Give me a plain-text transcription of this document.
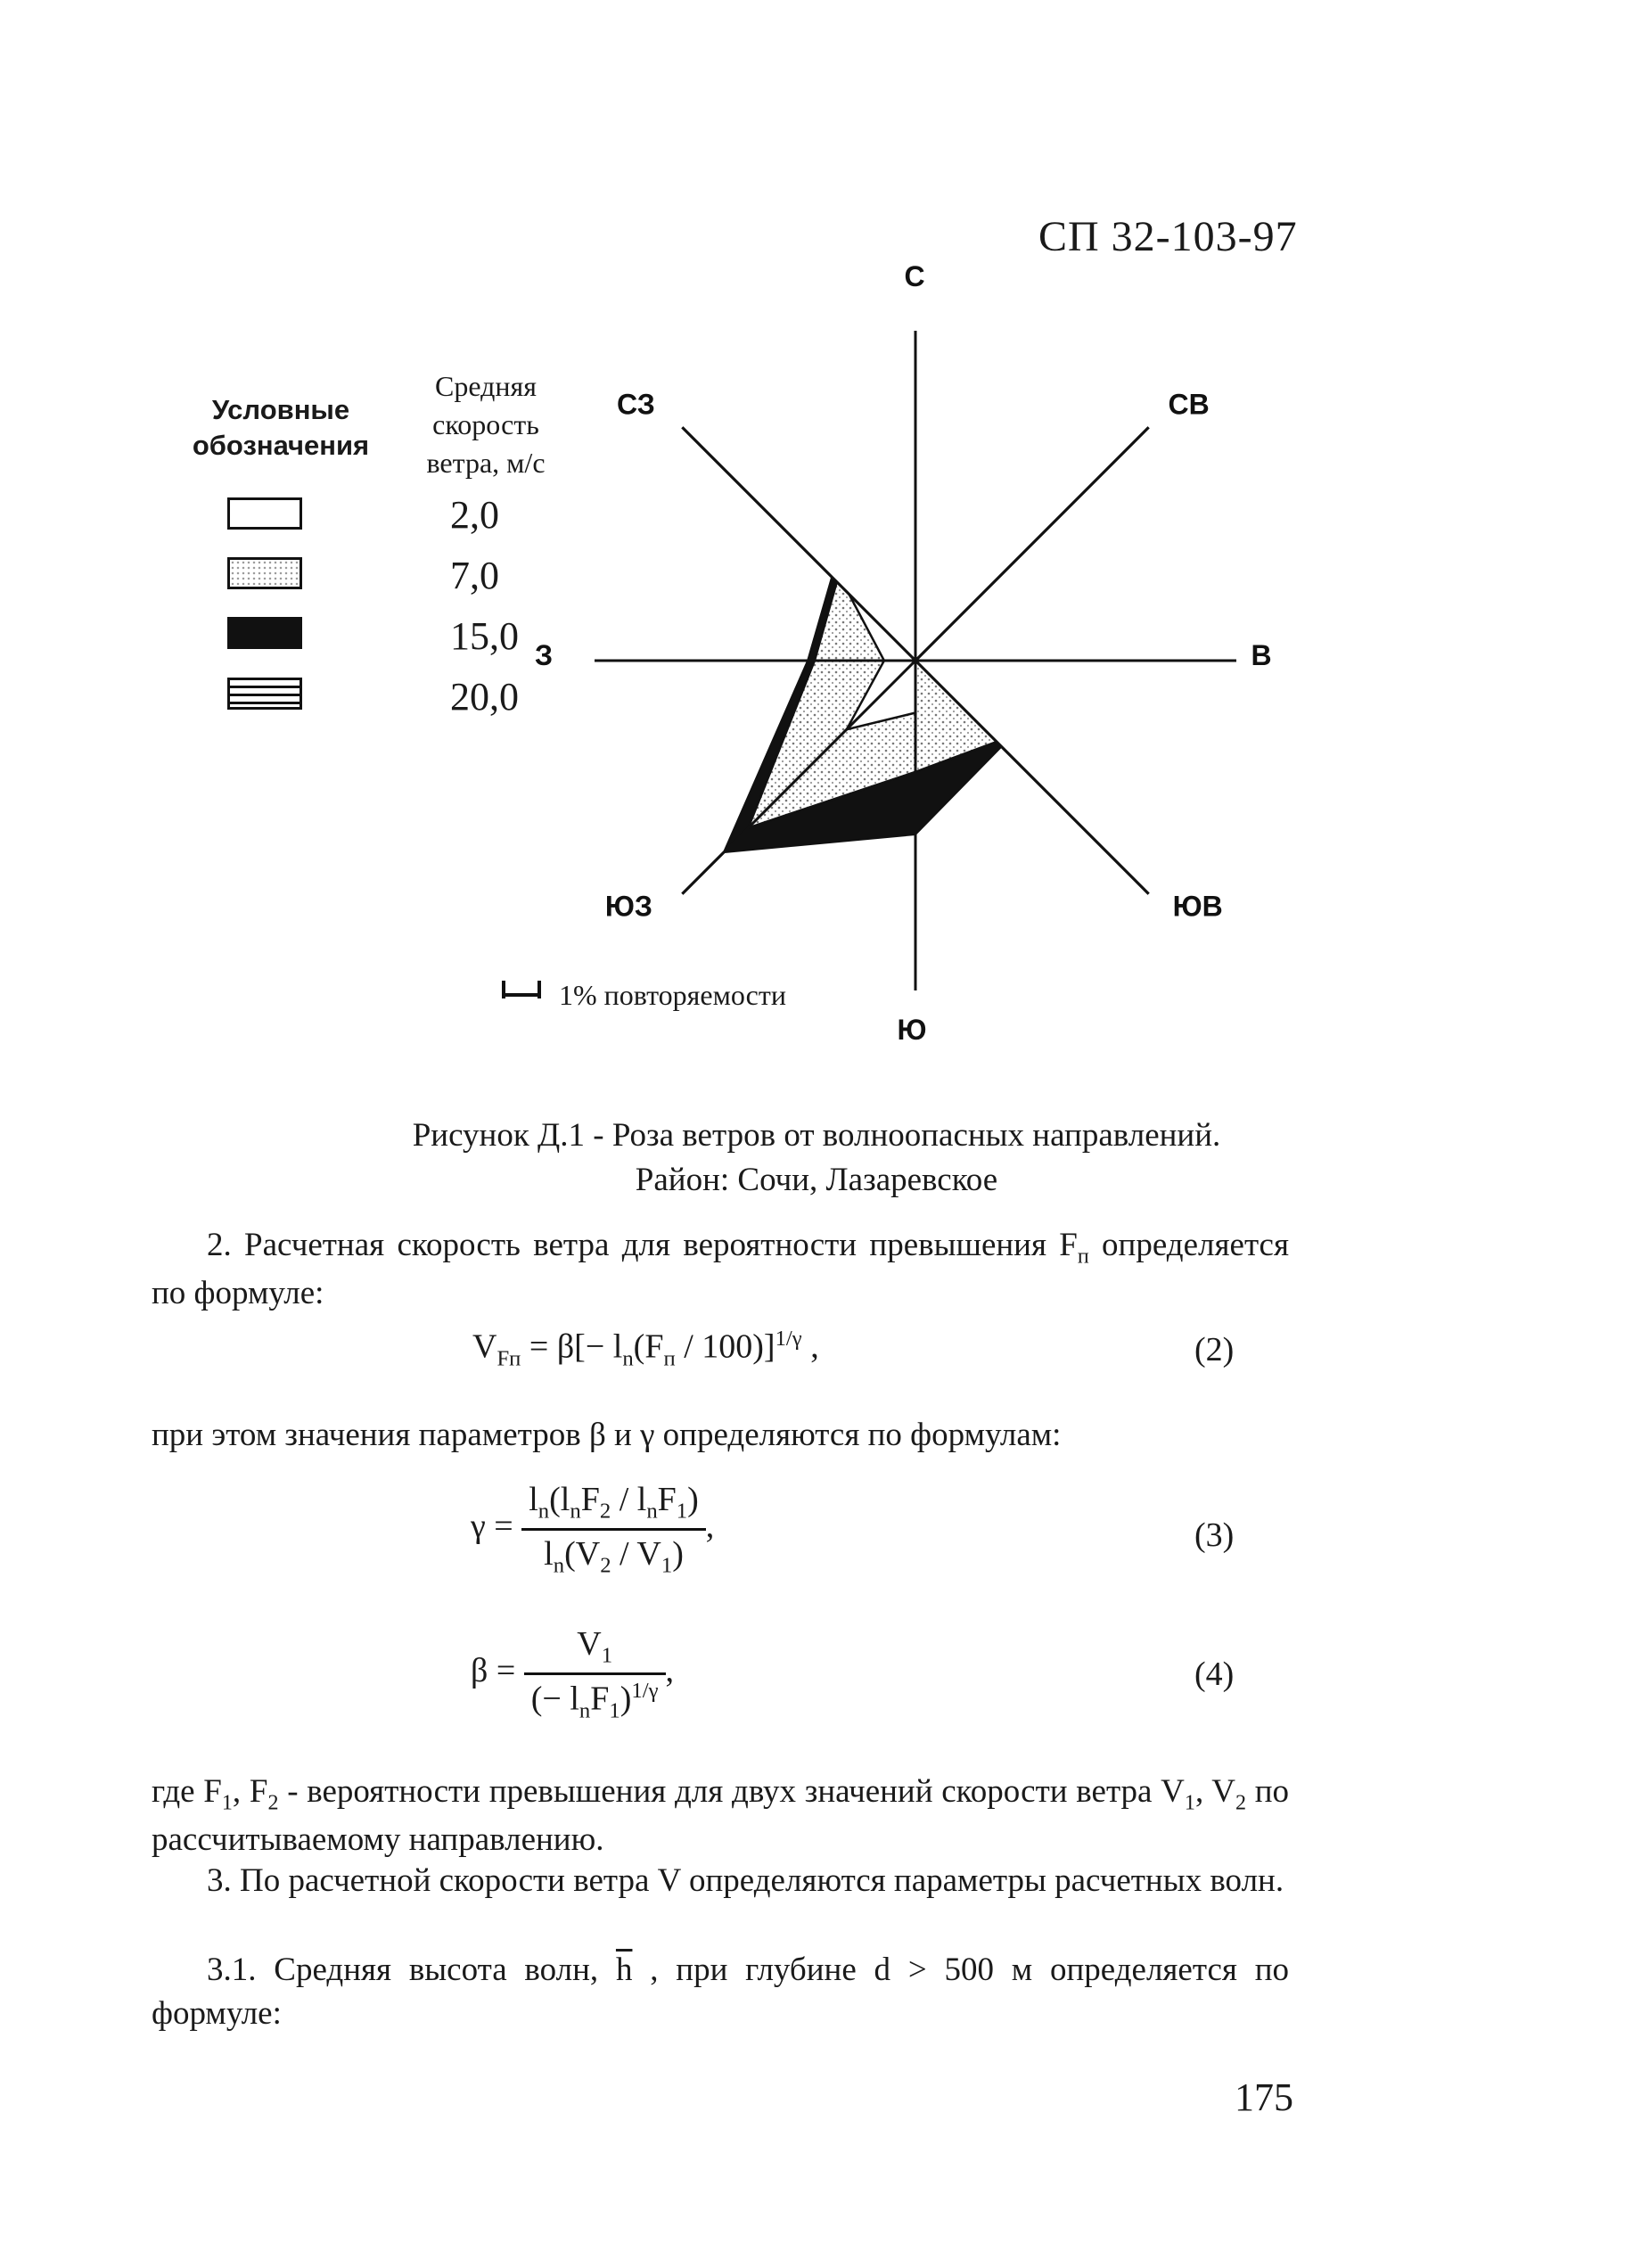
СП 32-103-97
Условные обозначения
Средняя скорость ветра, м/с
2,0
7,0
15,0
20,0
С
СВ
В
ЮВ
Ю
ЮЗ
З
СЗ
1% повторяемости
Рисунок Д.1 - Роза ветров от волноопасных направлений.
Район: Сочи, Лазаревское
2. Расчетная скорость ветра для вероятности превышения $F_п$ определяется по формуле:
$V_{Fп} = \beta[- l_n(F_п / 100)]^{1/\gamma}$ ,	(2)
при этом значения параметров β и γ определяются по формулам:
$\gamma = \frac{l_n(l_nF_2 / l_nF_1)}{l_n(V_2 / V_1)}$ ,	(3)
$\beta = \frac{V_1}{(- l_nF_1)^{1/\gamma}}$ ,	(4)
где $F_1$, $F_2$ - вероятности превышения для двух значений скорости ветра $V_1$, $V_2$ по рассчитываемому направлению.
3. По расчетной скорости ветра V определяются параметры расчетных волн.
3.1. Средняя высота волн, $\overline{h}$ , при глубине d > 500 м определяется по формуле:
175
